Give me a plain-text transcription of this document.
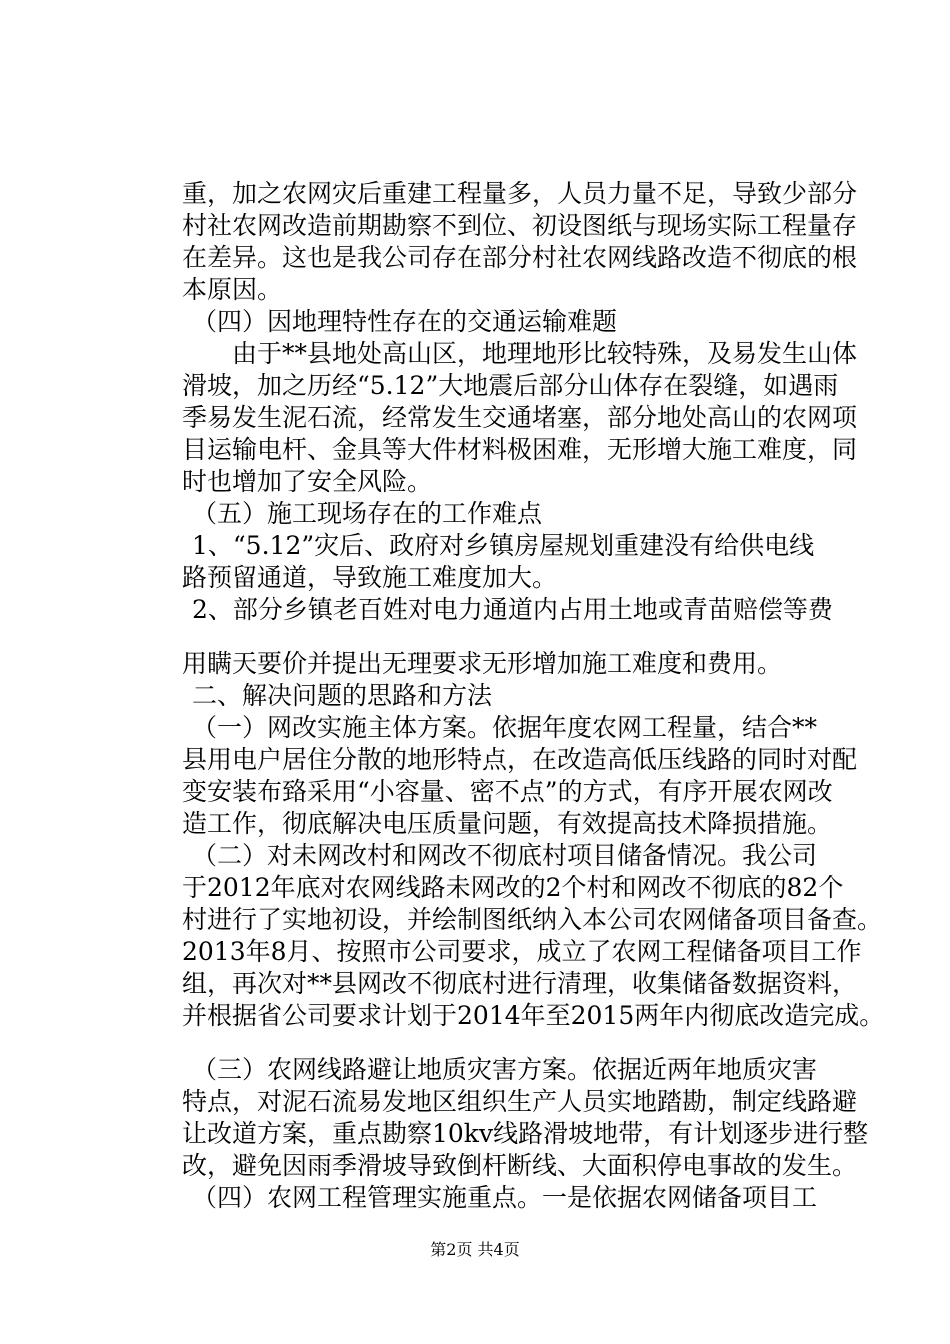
重，加之农网灾后重建工程量多，人员力量不足，导致少部分
村社农网改造前期勘察不到位、初设图纸与现场实际工程量存
在差异。这也是我公司存在部分村社农网线路改造不彻底的根
本原因。
（四）因地理特性存在的交通运输难题
由于**县地处高山区，地理地形比较特殊，及易发生山体
滑坡，加之历经“5.12”大地震后部分山体存在裂缝，如遇雨
季易发生泥石流，经常发生交通堵塞，部分地处高山的农网项
目运输电杆、金具等大件材料极困难，无形增大施工难度，同
时也增加了安全风险。
（五）施工现场存在的工作难点
1、“5.12”灾后、政府对乡镇房屋规划重建没有给供电线
路预留通道，导致施工难度加大。
2、部分乡镇老百姓对电力通道内占用土地或青苗赔偿等费
用瞒天要价并提出无理要求无形增加施工难度和费用。
二、解决问题的思路和方法
（一）网改实施主体方案。依据年度农网工程量，结合**
县用电户居住分散的地形特点，在改造高低压线路的同时对配
变安装布臵采用“小容量、密不点”的方式，有序开展农网改
造工作，彻底解决电压质量问题，有效提高技术降损措施。
（二）对未网改村和网改不彻底村项目储备情况。我公司
于2012年底对农网线路未网改的2个村和网改不彻底的82个
村进行了实地初设，并绘制图纸纳入本公司农网储备项目备查。
2013年8月、按照市公司要求，成立了农网工程储备项目工作
组，再次对**县网改不彻底村进行清理，收集储备数据资料，
并根据省公司要求计划于2014年至2015两年内彻底改造完成。
（三）农网线路避让地质灾害方案。依据近两年地质灾害
特点，对泥石流易发地区组织生产人员实地踏勘，制定线路避
让改道方案，重点勘察10kv线路滑坡地带，有计划逐步进行整
改，避免因雨季滑坡导致倒杆断线、大面积停电事故的发生。
（四）农网工程管理实施重点。一是依据农网储备项目工
第2页 共4页
